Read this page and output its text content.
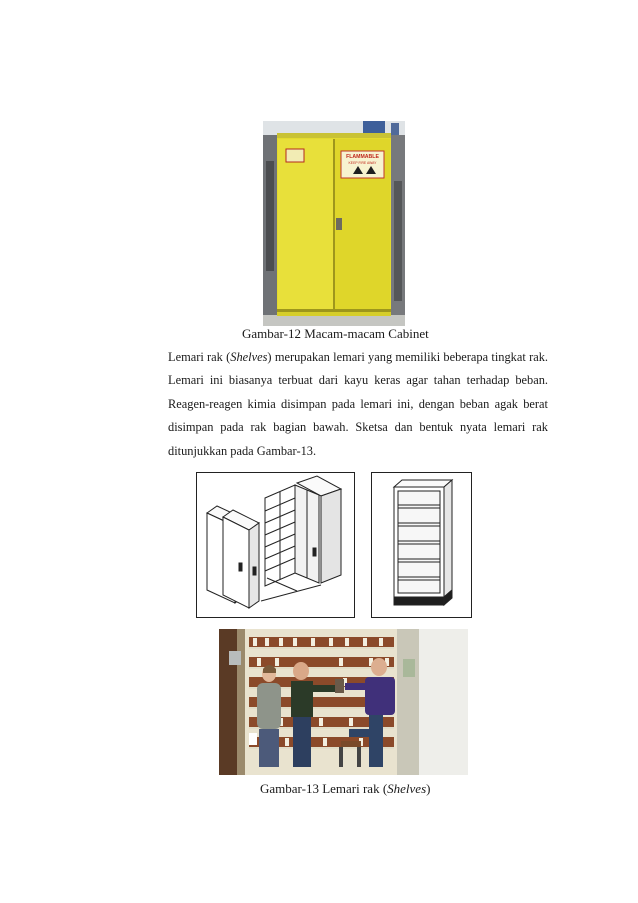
FLAMMABLE
KEEP FIRE AWAY
Gambar-12 Macam-macam Cabinet

Lemari rak (Shelves) merupakan lemari yang memiliki beberapa tingkat rak. Lemari ini biasanya terbuat dari kayu keras agar tahan terhadap beban. Reagen-reagen kimia disimpan pada lemari ini, dengan beban agak berat disimpan pada rak bagian bawah. Sketsa dan bentuk nyata lemari rak ditunjukkan pada Gambar-13.

Gambar-13 Lemari rak (Shelves)
